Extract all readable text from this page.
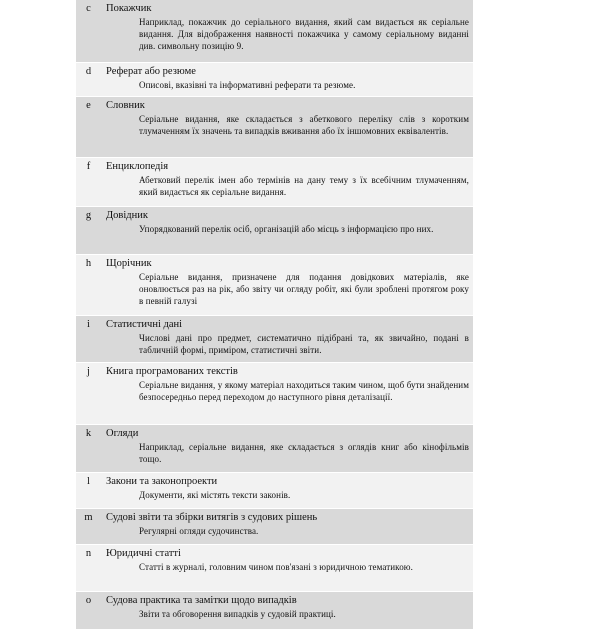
c	Покажчик
Наприклад, покажчик до серіального видання, який сам видається як серіальне видання. Для відображення наявності покажчика у самому серіальному виданні див. символьну позицію 9.
d	Реферат або резюме
Описові, вказівні та інформативні реферати та резюме.
e	Словник
Серіальне видання, яке складається з абеткового переліку слів з коротким тлумаченням їх значень та випадків вживання або їх іншомовних еквівалентів.
f	Енциклопедія
Абетковий перелік імен або термінів на дану тему з їх всебічним тлумаченням, який видається як серіальне видання.
g	Довідник
Упорядкований перелік осіб, організацій або місць з інформацією про них.
h	Щорічник
Серіальне видання, призначене для подання довідкових матеріалів, яке оновлюється раз на рік, або звіту чи огляду робіт, які були зроблені протягом року в певній галузі
i	Статистичні дані
Числові дані про предмет, систематично підібрані та, як звичайно, подані в табличній формі, приміром, статистичні звіти.
j	Книга програмованих текстів
Серіальне видання, у якому матеріал находиться таким чином, щоб бути знайденим безпосередньо перед переходом до наступного рівня деталізації.
k	Огляди
Наприклад, серіальне видання, яке складається з оглядів книг або кінофільмів тощо.
l	Закони та законопроекти
Документи, які містять тексти законів.
m	Судові звіти та збірки витягів з судових рішень
Регулярні огляди судочинства.
n	Юридичні статті
Статті в журналі, головним чином пов'язані з юридичною тематикою.
o	Судова практика та замітки щодо випадків
Звіти та обговорення випадків у судовій практиці.
